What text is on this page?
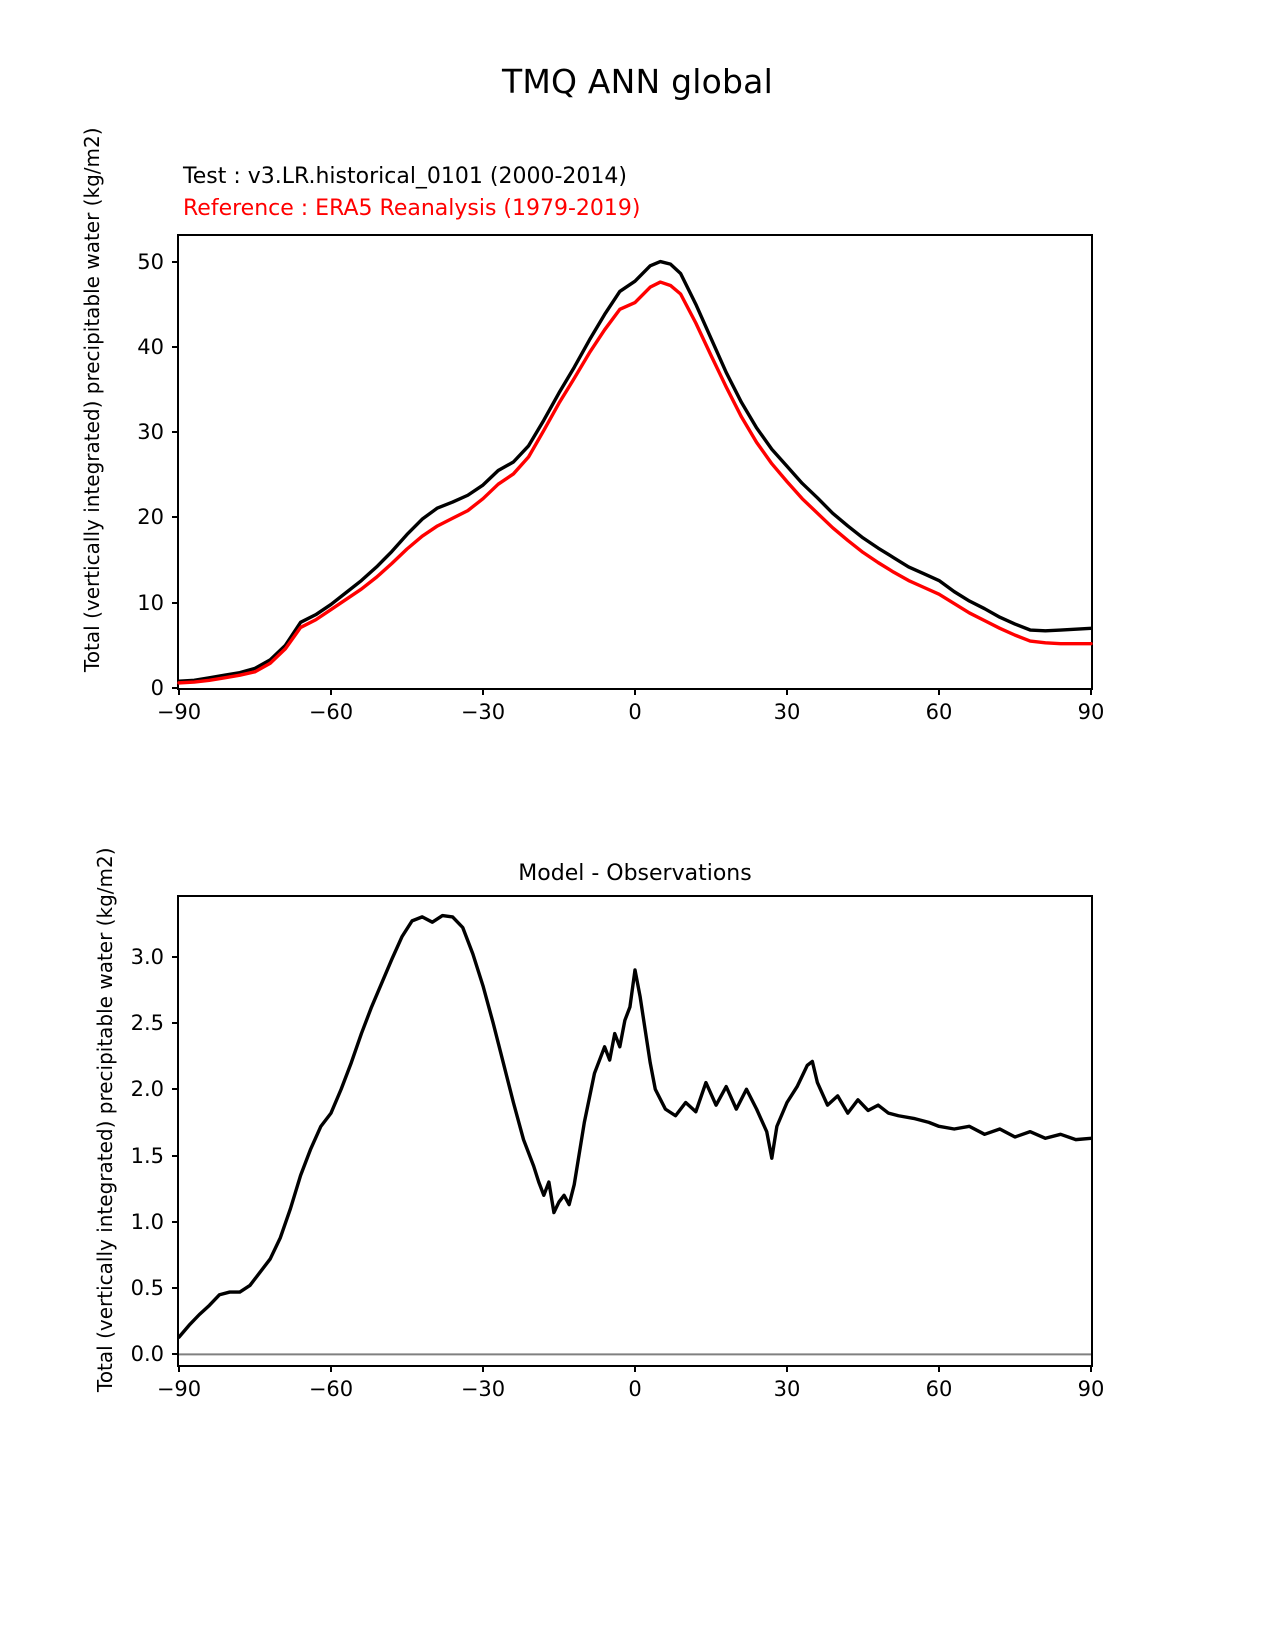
TMQ ANN global
Test : v3.LR.historical_0101 (2000-2014)
Reference : ERA5 Reanalysis (1979-2019)
Total (vertically integrated) precipitable water (kg/m2)
−90	−60	−30	0	30	60	90
0
10
20
30
40
50
Model - Observations
Total (vertically integrated) precipitable water (kg/m2) −90	−60	−30	0	30	60	90
0.0
0.5
1.0
1.5
2.0
2.5
3.0
